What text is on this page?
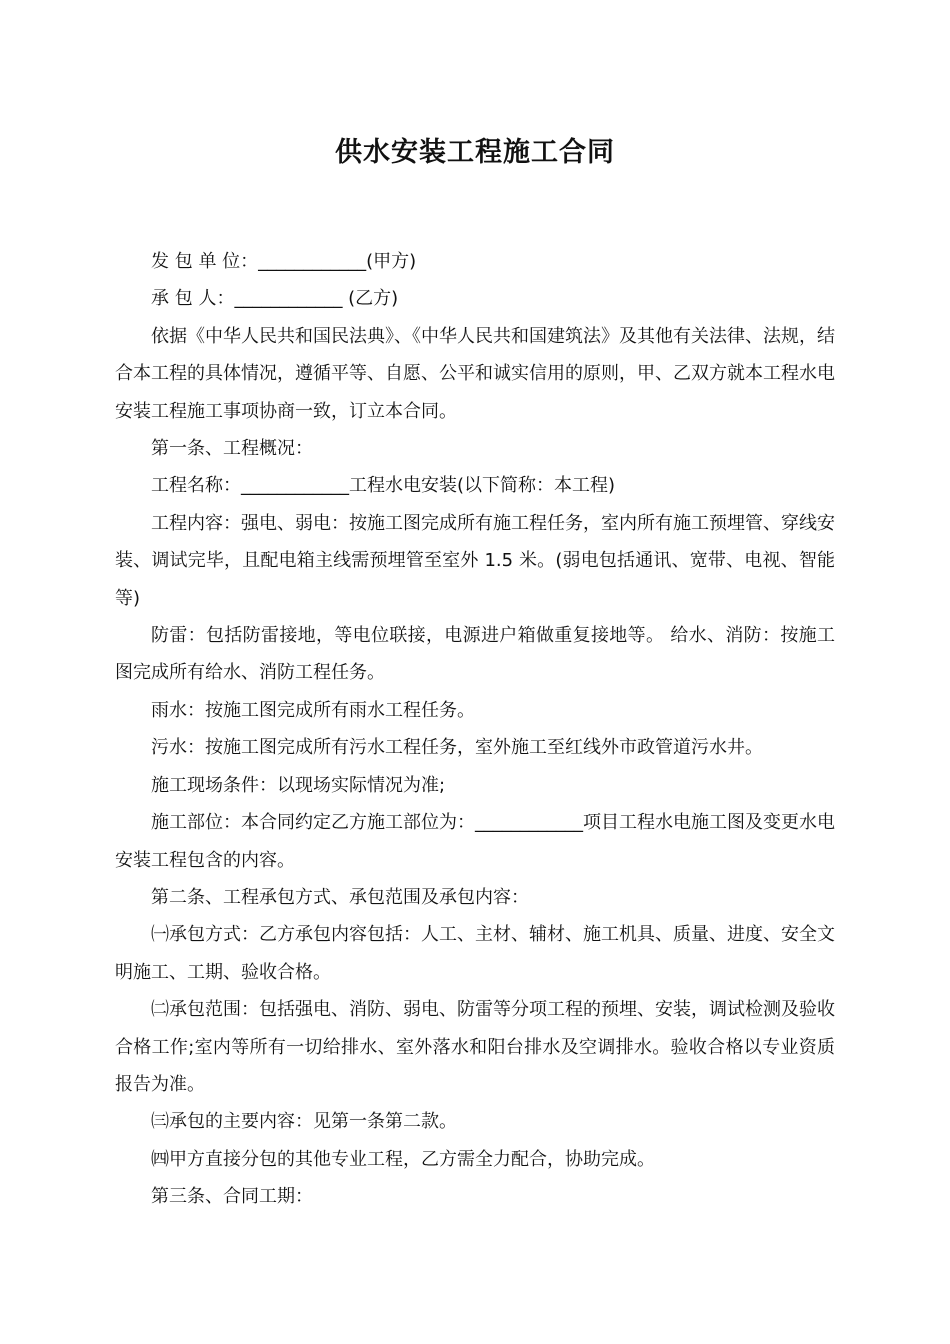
供水安装工程施工合同

发 包 单 位：____________(甲方)

承 包 人：____________ (乙方)

依据《中华人民共和国民法典》、《中华人民共和国建筑法》及其他有关法律、法规，结合本工程的具体情况，遵循平等、自愿、公平和诚实信用的原则，甲、乙双方就本工程水电安装工程施工事项协商一致，订立本合同。

第一条、工程概况：

工程名称：____________工程水电安装(以下简称：本工程)

工程内容：强电、弱电：按施工图完成所有施工程任务，室内所有施工预埋管、穿线安装、调试完毕，且配电箱主线需预埋管至室外 1.5 米。(弱电包括通讯、宽带、电视、智能等)

防雷：包括防雷接地，等电位联接，电源进户箱做重复接地等。 给水、消防：按施工图完成所有给水、消防工程任务。

雨水：按施工图完成所有雨水工程任务。

污水：按施工图完成所有污水工程任务，室外施工至红线外市政管道污水井。

施工现场条件：以现场实际情况为准;

施工部位：本合同约定乙方施工部位为：____________项目工程水电施工图及变更水电安装工程包含的内容。

第二条、工程承包方式、承包范围及承包内容：

㈠承包方式：乙方承包内容包括：人工、主材、辅材、施工机具、质量、进度、安全文明施工、工期、验收合格。

㈡承包范围：包括强电、消防、弱电、防雷等分项工程的预埋、安装，调试检测及验收合格工作;室内等所有一切给排水、室外落水和阳台排水及空调排水。验收合格以专业资质报告为准。

㈢承包的主要内容：见第一条第二款。

㈣甲方直接分包的其他专业工程，乙方需全力配合，协助完成。

第三条、合同工期：
